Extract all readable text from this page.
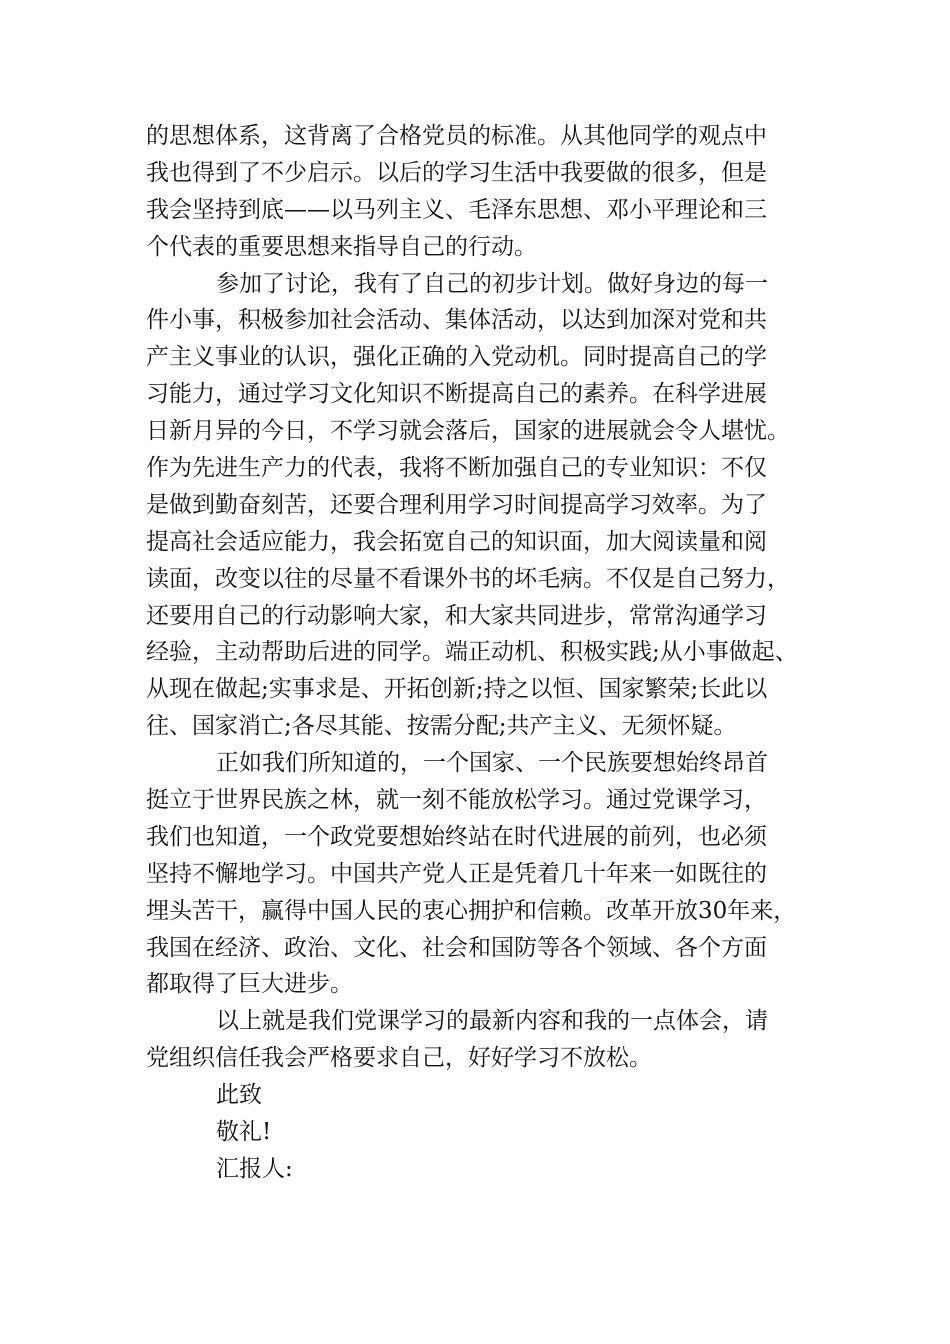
的思想体系，这背离了合格党员的标准。从其他同学的观点中
我也得到了不少启示。以后的学习生活中我要做的很多，但是
我会坚持到底——以马列主义、毛泽东思想、邓小平理论和三
个代表的重要思想来指导自己的行动。
参加了讨论，我有了自己的初步计划。做好身边的每一
件小事，积极参加社会活动、集体活动，以达到加深对党和共
产主义事业的认识，强化正确的入党动机。同时提高自己的学
习能力，通过学习文化知识不断提高自己的素养。在科学进展
日新月异的今日，不学习就会落后，国家的进展就会令人堪忧。
作为先进生产力的代表，我将不断加强自己的专业知识：不仅
是做到勤奋刻苦，还要合理利用学习时间提高学习效率。为了
提高社会适应能力，我会拓宽自己的知识面，加大阅读量和阅
读面，改变以往的尽量不看课外书的坏毛病。不仅是自己努力，
还要用自己的行动影响大家，和大家共同进步，常常沟通学习
经验，主动帮助后进的同学。端正动机、积极实践;从小事做起、
从现在做起;实事求是、开拓创新;持之以恒、国家繁荣;长此以
往、国家消亡;各尽其能、按需分配;共产主义、无须怀疑。
正如我们所知道的，一个国家、一个民族要想始终昂首
挺立于世界民族之林，就一刻不能放松学习。通过党课学习，
我们也知道，一个政党要想始终站在时代进展的前列，也必须
坚持不懈地学习。中国共产党人正是凭着几十年来一如既往的
埋头苦干，赢得中国人民的衷心拥护和信赖。改革开放30年来，
我国在经济、政治、文化、社会和国防等各个领域、各个方面
都取得了巨大进步。
以上就是我们党课学习的最新内容和我的一点体会，请
党组织信任我会严格要求自己，好好学习不放松。
此致
敬礼!
汇报人:
